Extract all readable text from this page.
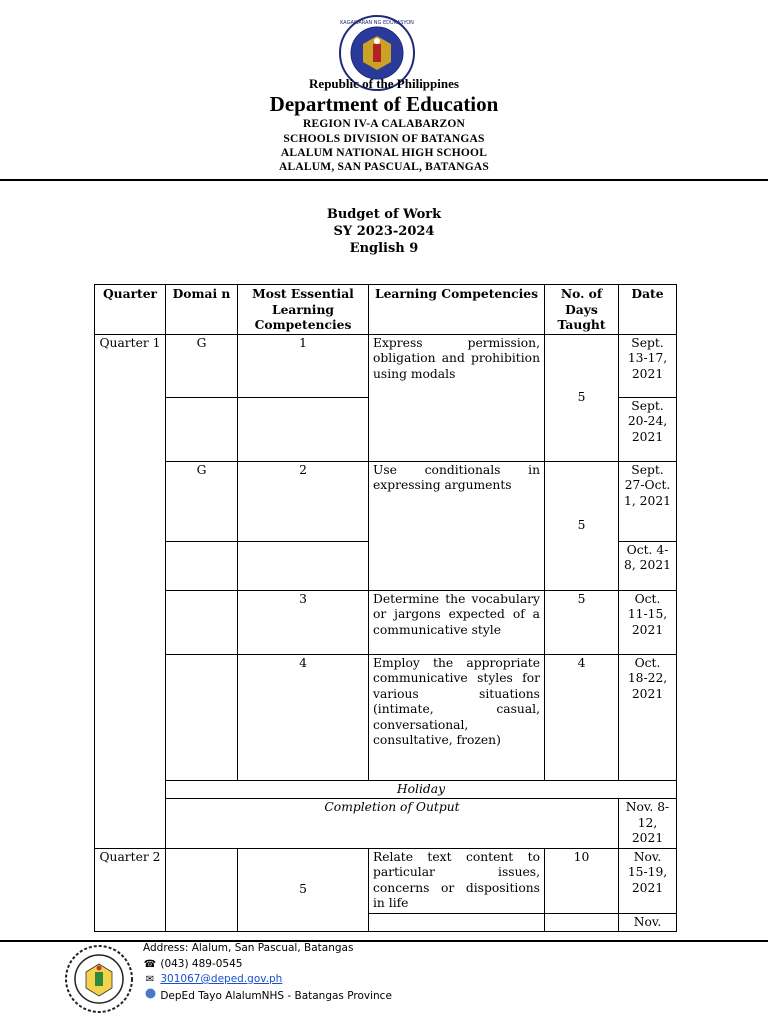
KAGAWARAN NG EDUKASYON
Republic of the Philippines
Department of Education
REGION IV-A CALABARZON
SCHOOLS DIVISION OF BATANGAS
ALALUM NATIONAL HIGH SCHOOL
ALALUM, SAN PASCUAL, BATANGAS
Budget of Work
SY 2023-2024
English 9
Quarter	Domai n	Most Essential Learning Competencies	Learning Competencies	No. of Days Taught	Date
Quarter 1	G	1	Express permission, obligation and prohibition using modals	5	Sept. 13-17, 2021
					Sept. 20-24, 2021
	G	2	Use conditionals in expressing arguments	5	Sept. 27-Oct. 1, 2021
					Oct. 4-8, 2021
		3	Determine the vocabulary or jargons expected of a communicative style	5	Oct. 11-15, 2021
		4	Employ the appropriate communicative styles for various situations (intimate, casual, conversational, consultative, frozen)	4	Oct. 18-22, 2021
	Holiday				
	Completion of Output				Nov. 8-12, 2021
Quarter 2		5	Relate text content to particular issues, concerns or dispositions in life	10	Nov. 15-19, 2021
					Nov.
Address: Alalum, San Pascual, Batangas
☎ (043) 489-0545
✉ 301067@deped.gov.ph
DepEd Tayo AlalumNHS - Batangas Province
